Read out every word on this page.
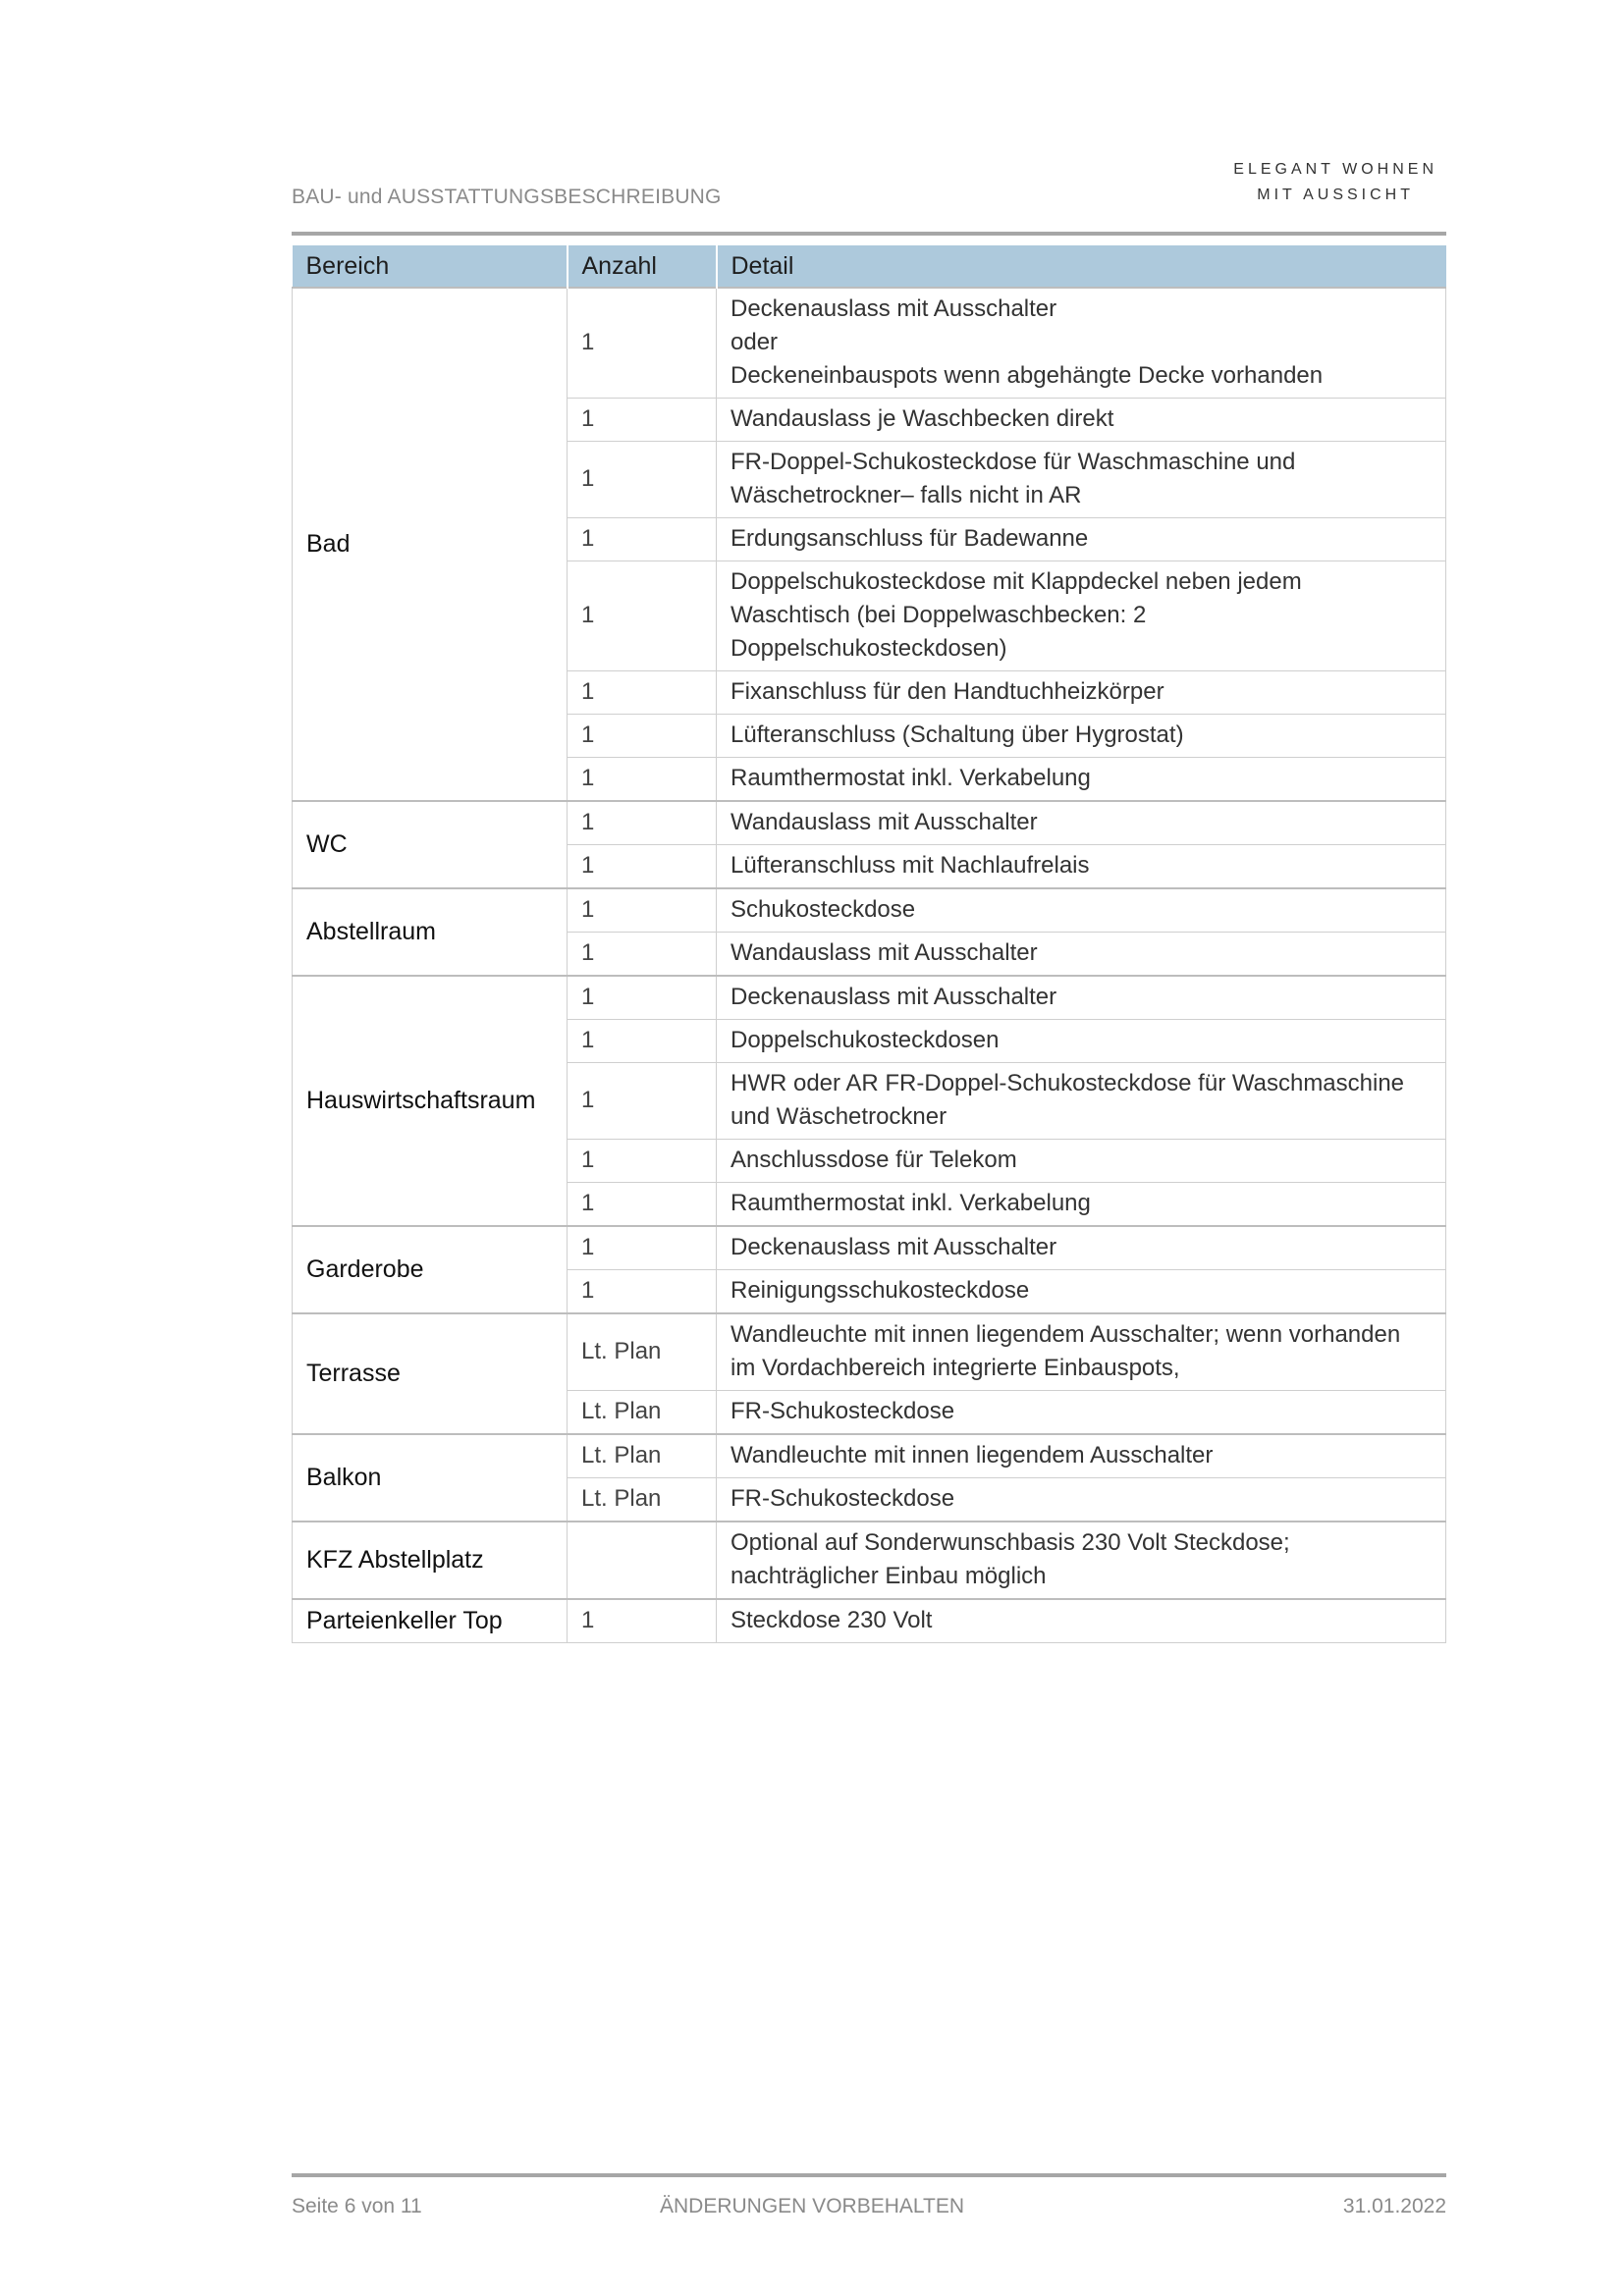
BAU- und AUSSTATTUNGSBESCHREIBUNG
ELEGANT WOHNEN
MIT AUSSICHT
Bereich	Anzahl	Detail
Bad	1	Deckenauslass mit Ausschalter
oder
Deckeneinbauspots wenn abgehängte Decke vorhanden

	1	Wandauslass je Waschbecken direkt

	1	FR-Doppel-Schukosteckdose für Waschmaschine und
Wäschetrockner– falls nicht in AR

	1	Erdungsanschluss für Badewanne

	1	Doppelschukosteckdose mit Klappdeckel neben jedem
Waschtisch (bei Doppelwaschbecken: 2
Doppelschukosteckdosen)

	1	Fixanschluss für den Handtuchheizkörper

	1	Lüfteranschluss (Schaltung über Hygrostat)

	1	Raumthermostat inkl. Verkabelung

WC	1	Wandauslass mit Ausschalter

	1	Lüfteranschluss mit Nachlaufrelais

Abstellraum	1	Schukosteckdose

	1	Wandauslass mit Ausschalter

Hauswirtschaftsraum	1	Deckenauslass mit Ausschalter

	1	Doppelschukosteckdosen

	1	HWR oder AR FR-Doppel-Schukosteckdose für Waschmaschine
und Wäschetrockner

	1	Anschlussdose für Telekom

	1	Raumthermostat inkl. Verkabelung

Garderobe	1	Deckenauslass mit Ausschalter

	1	Reinigungsschukosteckdose

Terrasse	Lt. Plan	Wandleuchte mit innen liegendem Ausschalter; wenn vorhanden
im Vordachbereich integrierte Einbauspots,

	Lt. Plan	FR-Schukosteckdose

Balkon	Lt. Plan	Wandleuchte mit innen liegendem Ausschalter

	Lt. Plan	FR-Schukosteckdose

KFZ Abstellplatz		Optional auf Sonderwunschbasis 230 Volt Steckdose;
nachträglicher Einbau möglich

Parteienkeller Top	1	Steckdose 230 Volt
Seite 6 von 11	ÄNDERUNGEN VORBEHALTEN	31.01.2022
